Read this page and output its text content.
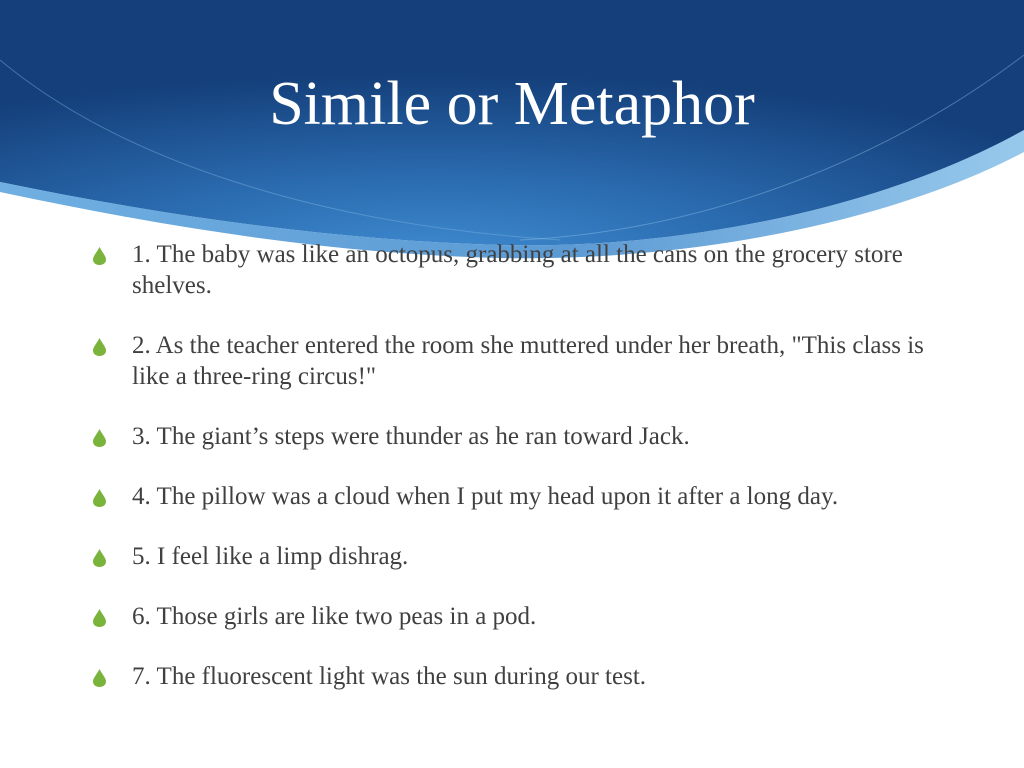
Simile or Metaphor
1. The baby was like an octopus, grabbing at all the cans on the grocery store shelves.
2. As the teacher entered the room she muttered under her breath, "This class is like a three-ring circus!"
3. The giant’s steps were thunder as he ran toward Jack.
4. The pillow was a cloud when I put my head upon it after a long day.
5. I feel like a limp dishrag.
6. Those girls are like two peas in a pod.
7. The fluorescent light was the sun during our test.
